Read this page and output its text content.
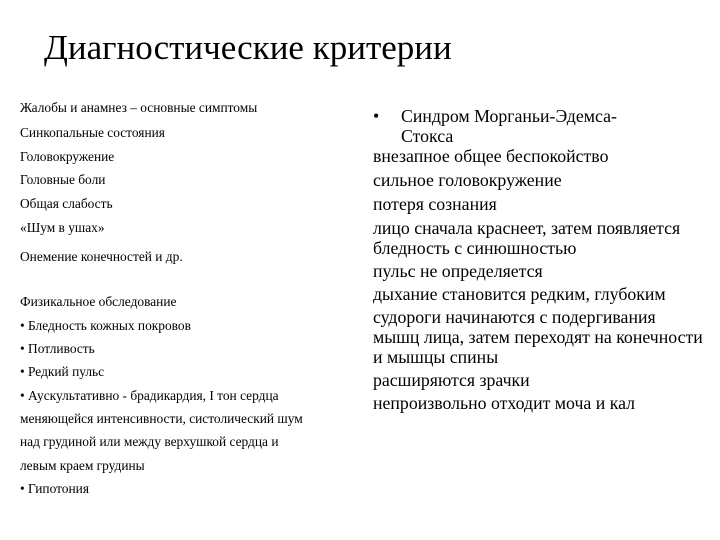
Диагностические критерии
Жалобы и анамнез – основные симптомы
Синкопальные состояния
Головокружение
Головные боли
Общая слабость
«Шум в ушах»
Онемение конечностей и др.
Физикальное обследование
• Бледность кожных покровов
• Потливость
• Редкий пульс
• Аускультативно - брадикардия, I тон сердца
меняющейся интенсивности, систолический шум
над грудиной или между верхушкой сердца и
левым краем грудины
• Гипотония
• Синдром Морганьи-Эдемса-
Стокса
внезапное общее беспокойство
сильное головокружение
потеря сознания
лицо сначала краснеет, затем появляется бледность с синюшностью
пульс не определяется
дыхание становится редким, глубоким
судороги начинаются с подергивания мышц лица, затем переходят на конечности и мышцы спины
расширяются зрачки
непроизвольно отходит моча и кал
